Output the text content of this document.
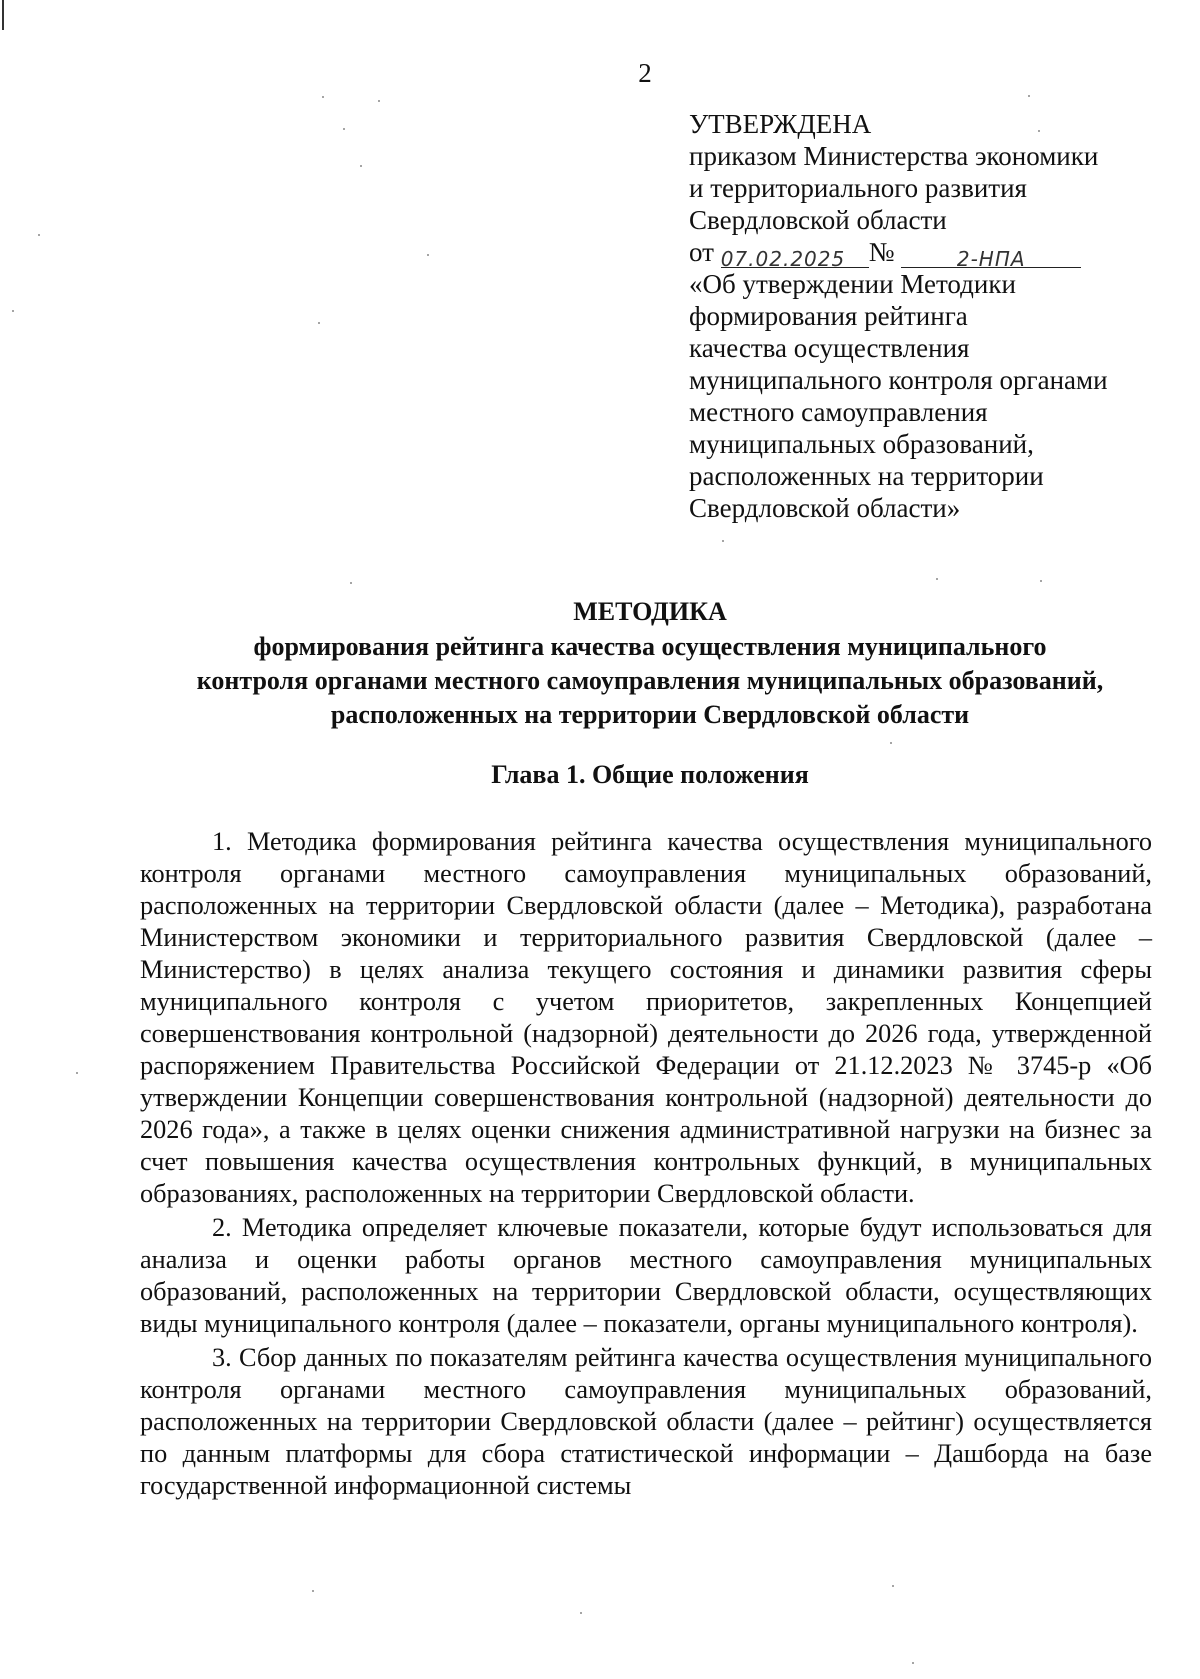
2
УТВЕРЖДЕНА
приказом Министерства экономики
и территориального развития
Свердловской области
от 07.02.2025 №	2-НПА
«Об утверждении Методики
формирования рейтинга
качества осуществления
муниципального контроля органами
местного самоуправления
муниципальных образований,
расположенных на территории
Свердловской области»
МЕТОДИКА
формирования рейтинга качества осуществления муниципального
контроля органами местного самоуправления муниципальных образований,
расположенных на территории Свердловской области
Глава 1. Общие положения

1. Методика формирования рейтинга качества осуществления муниципального контроля органами местного самоуправления муниципальных образований, расположенных на территории Свердловской области (далее – Методика), разработана Министерством экономики и территориального развития Свердловской (далее – Министерство) в целях анализа текущего состояния и динамики развития сферы муниципального контроля с учетом приоритетов, закрепленных Концепцией совершенствования контрольной (надзорной) деятельности до 2026 года, утвержденной распоряжением Правительства Российской Федерации от 21.12.2023 № 3745-р «Об утверждении Концепции совершенствования контрольной (надзорной) деятельности до 2026 года», а также в целях оценки снижения административной нагрузки на бизнес за счет повышения качества осуществления контрольных функций, в муниципальных образованиях, расположенных на территории Свердловской области.

2. Методика определяет ключевые показатели, которые будут использоваться для анализа и оценки работы органов местного самоуправления муниципальных образований, расположенных на территории Свердловской области, осуществляющих виды муниципального контроля (далее – показатели, органы муниципального контроля).

3. Сбор данных по показателям рейтинга качества осуществления муниципального контроля органами местного самоуправления муниципальных образований, расположенных на территории Свердловской области (далее – рейтинг) осуществляется по данным платформы для сбора статистической информации – Дашборда на базе государственной информационной системы
